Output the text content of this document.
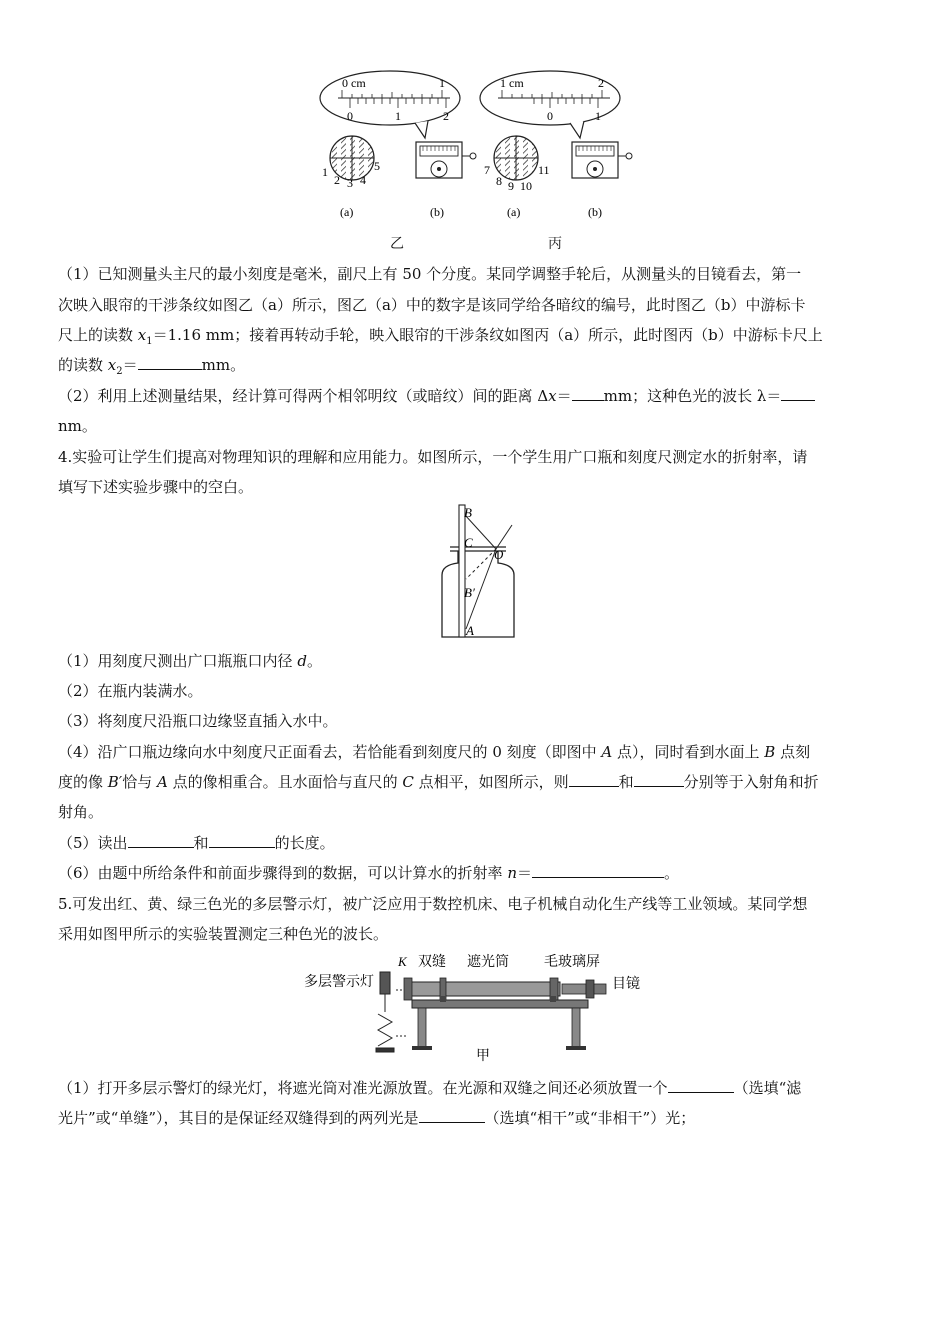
0 cm	1
0	1	2
1
2 3 4
5
1 cm	2
0	1
7
8 9 10
11
(a)	(b)	(a)	(b)
乙	丙
（1）已知测量头主尺的最小刻度是毫米，副尺上有 50 个分度。某同学调整手轮后，从测量头的目镜看去，第一
次映入眼帘的干涉条纹如图乙（a）所示，图乙（a）中的数字是该同学给各暗纹的编号，此时图乙（b）中游标卡
尺上的读数 $x_1=1.16$ mm；接着再转动手轮，映入眼帘的干涉条纹如图丙（a）所示，此时图丙（b）中游标卡尺上
的读数 $x_2=$	mm。
（2）利用上述测量结果，经计算可得两个相邻明纹（或暗纹）间的距离 Δx＝ mm；这种色光的波长 λ＝
nm。
4.实验可让学生们提高对物理知识的理解和应用能力。如图所示，一个学生用广口瓶和刻度尺测定水的折射率，请
填写下述实验步骤中的空白。
B
C
O
B′
A
（1）用刻度尺测出广口瓶瓶口内径 d。
（2）在瓶内装满水。
（3）将刻度尺沿瓶口边缘竖直插入水中。
（4）沿广口瓶边缘向水中刻度尺正面看去，若恰能看到刻度尺的 0 刻度（即图中 A 点），同时看到水面上 B 点刻
度的像 B′恰与 A 点的像相重合。且水面恰与直尺的 C 点相平，如图所示，则	和	分别等于入射角和折
射角。
（5）读出	和	的长度。
（6）由题中所给条件和前面步骤得到的数据，可以计算水的折射率 n＝	。
5.可发出红、黄、绿三色光的多层警示灯，被广泛应用于数控机床、电子机械自动化生产线等工业领域。某同学想
采用如图甲所示的实验装置测定三种色光的波长。
K 双缝 遮光筒	毛玻璃屏
多层警示灯	目镜
甲
（1）打开多层示警灯的绿光灯，将遮光筒对准光源放置。在光源和双缝之间还必须放置一个	（选填“滤
光片”或“单缝”），其目的是保证经双缝得到的两列光是	（选填“相干”或“非相干”）光；
